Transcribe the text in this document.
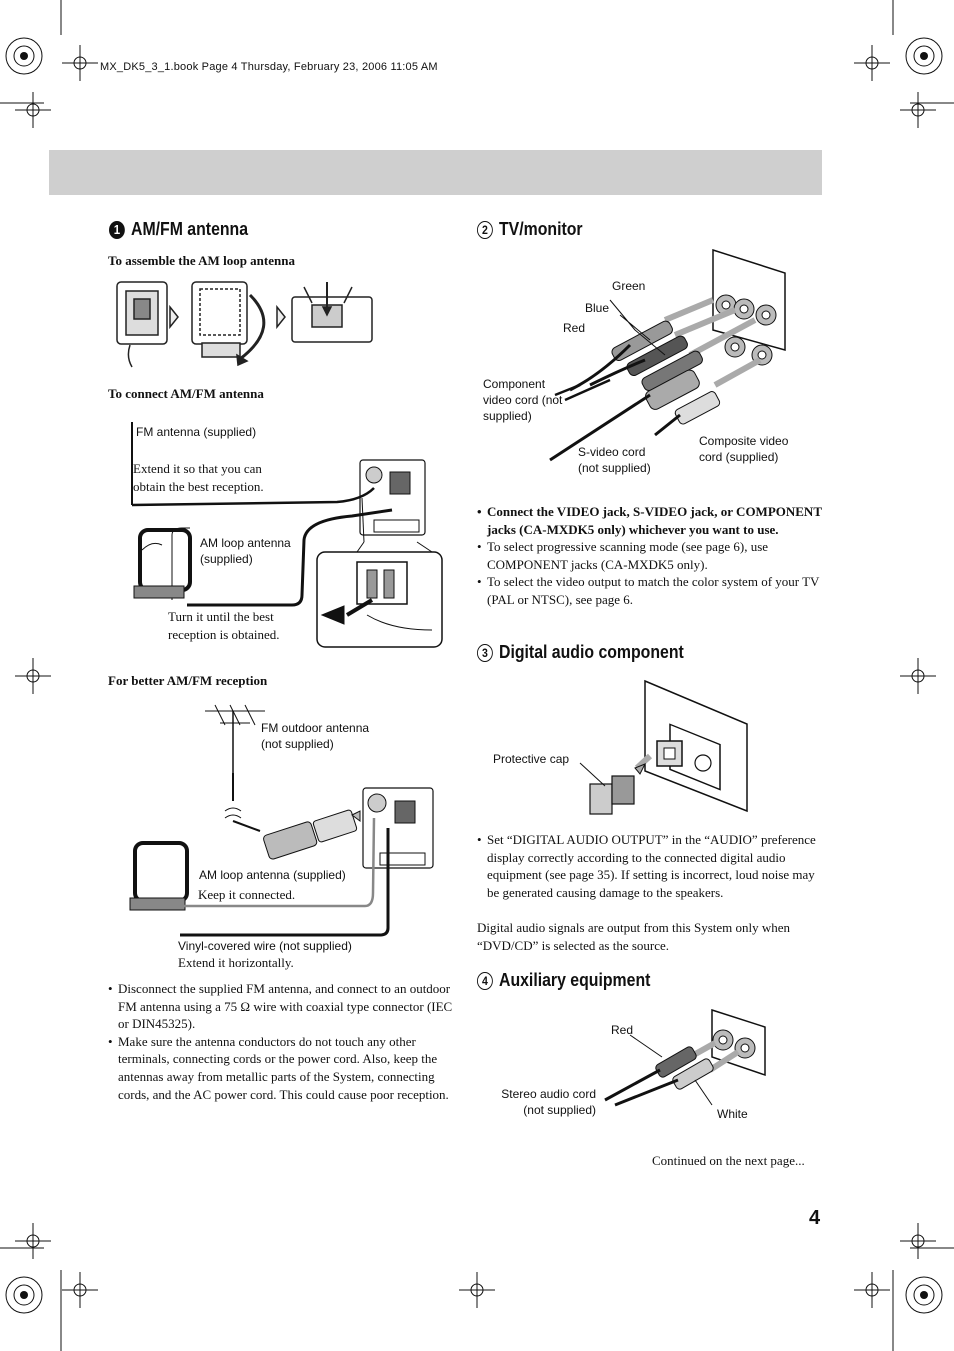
MX_DK5_3_1.book Page 4 Thursday, February 23, 2006 11:05 AM
1 AM/FM antenna
To assemble the AM loop antenna
To connect AM/FM antenna
FM antenna (supplied)
Extend it so that you can obtain the best reception.
AM loop antenna (supplied)
Turn it until the best reception is obtained.
For better AM/FM reception
FM outdoor antenna (not supplied)
AM loop antenna (supplied)
Keep it connected.
Vinyl-covered wire (not supplied)
Extend it horizontally.
• Disconnect the supplied FM antenna, and connect to an outdoor FM antenna using a 75 Ω wire with coaxial type connector (IEC or DIN45325).
• Make sure the antenna conductors do not touch any other terminals, connecting cords or the power cord. Also, keep the antennas away from metallic parts of the System, connecting cords, and the AC power cord. This could cause poor reception.
2 TV/monitor
Green
Blue
Red
Component video cord (not supplied)
S-video cord (not supplied)
Composite video cord (supplied)
• Connect the VIDEO jack, S-VIDEO jack, or COMPONENT jacks (CA-MXDK5 only) whichever you want to use.
• To select progressive scanning mode (see page 6), use COMPONENT jacks (CA-MXDK5 only).
• To select the video output to match the color system of your TV (PAL or NTSC), see page 6.
3 Digital audio component
Protective cap
• Set “DIGITAL AUDIO OUTPUT” in the “AUDIO” preference display correctly according to the connected digital audio equipment (see page 35). If setting is incorrect, loud noise may be generated causing damage to the speakers.
Digital audio signals are output from this System only when “DVD/CD” is selected as the source.
4 Auxiliary equipment
Red
White
Stereo audio cord (not supplied)
Continued on the next page...
4
